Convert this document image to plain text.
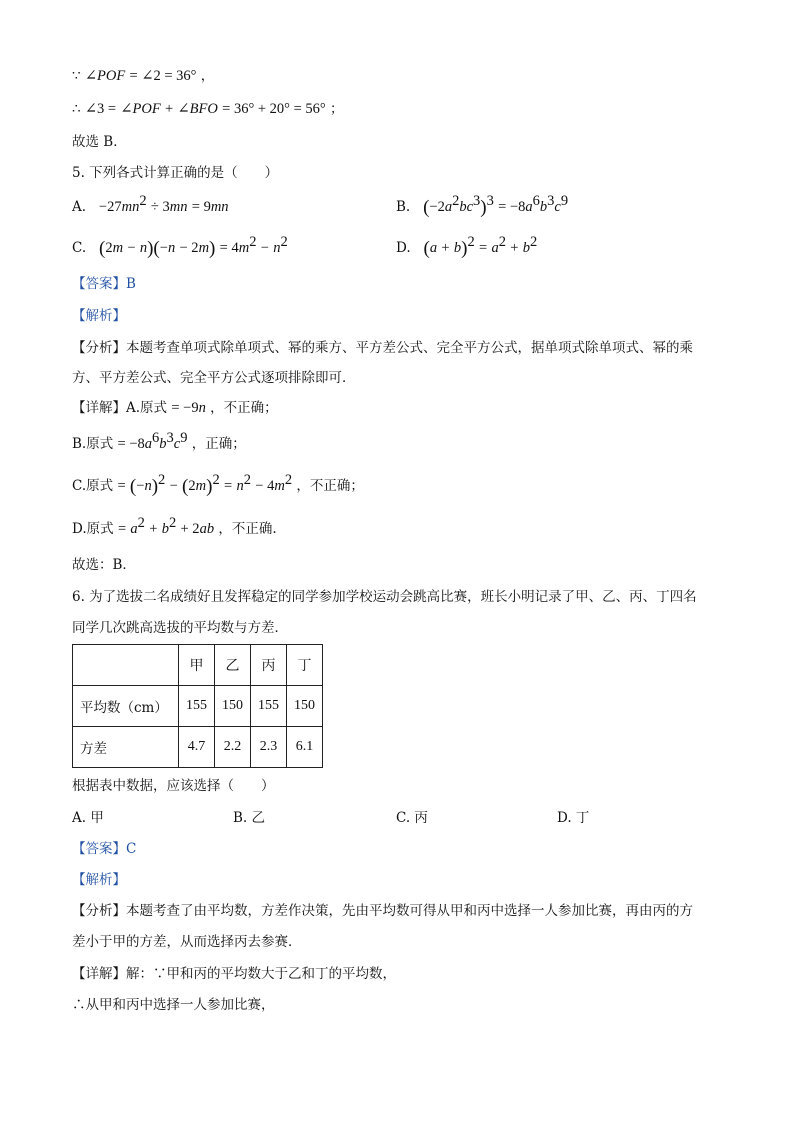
∵ ∠POF = ∠2 = 36° ，
∴ ∠3 = ∠POF + ∠BFO = 36° + 20° = 56° ；
故选 B．
5. 下列各式计算正确的是（　　）
A.   $-27mn^2 \div 3mn = 9mn$	B.   $(-2a^2bc^3)^3 = -8a^6b^3c^9$
C.   $(2m - n)(-n - 2m) = 4m^2 - n^2$	D.   $(a + b)^2 = a^2 + b^2$
【答案】B
【解析】
【分析】本题考查单项式除单项式、幂的乘方、平方差公式、完全平方公式，据单项式除单项式、幂的乘
方、平方差公式、完全平方公式逐项排除即可．
【详解】A.原式 = −9n ，不正确；
B.原式 = $-8a^6b^3c^9$ ，正确；
C.原式 = $(-n)^2 - (2m)^2 = n^2 - 4m^2$ ，不正确；
D.原式 = $a^2 + b^2 + 2ab$ ，不正确.
故选：B．
6. 为了选拔二名成绩好且发挥稳定的同学参加学校运动会跳高比赛，班长小明记录了甲、乙、丙、丁四名
同学几次跳高选拔的平均数与方差．
	甲	乙	丙	丁
平均数（cm）	155	150	155	150
方差	4.7	2.2	2.3	6.1
根据表中数据，应该选择（　　）
A. 甲	B. 乙	C. 丙	D. 丁
【答案】C
【解析】
【分析】本题考查了由平均数，方差作决策，先由平均数可得从甲和丙中选择一人参加比赛，再由丙的方
差小于甲的方差，从而选择丙去参赛．
【详解】解：∵甲和丙的平均数大于乙和丁的平均数，
∴从甲和丙中选择一人参加比赛，
